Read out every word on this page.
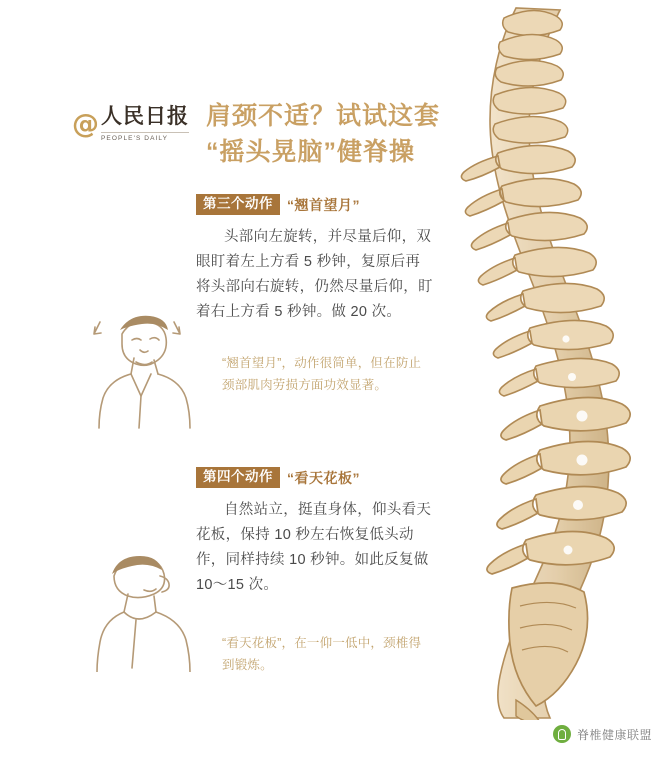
@ 人民日报
PEOPLE'S DAILY
肩颈不适？试试这套
“摇头晃脑”健脊操
第三个动作	“翘首望月”
头部向左旋转，并尽量后仰，双眼盯着左上方看 5 秒钟，复原后再将头部向右旋转，仍然尽量后仰，盯着右上方看 5 秒钟。做 20 次。
“翘首望月”，动作很简单，但在防止颈部肌肉劳损方面功效显著。
第四个动作	“看天花板”
自然站立，挺直身体，仰头看天花板，保持 10 秒左右恢复低头动作，同样持续 10 秒钟。如此反复做 10～15 次。
“看天花板”，在一仰一低中，颈椎得到锻炼。
脊椎健康联盟
